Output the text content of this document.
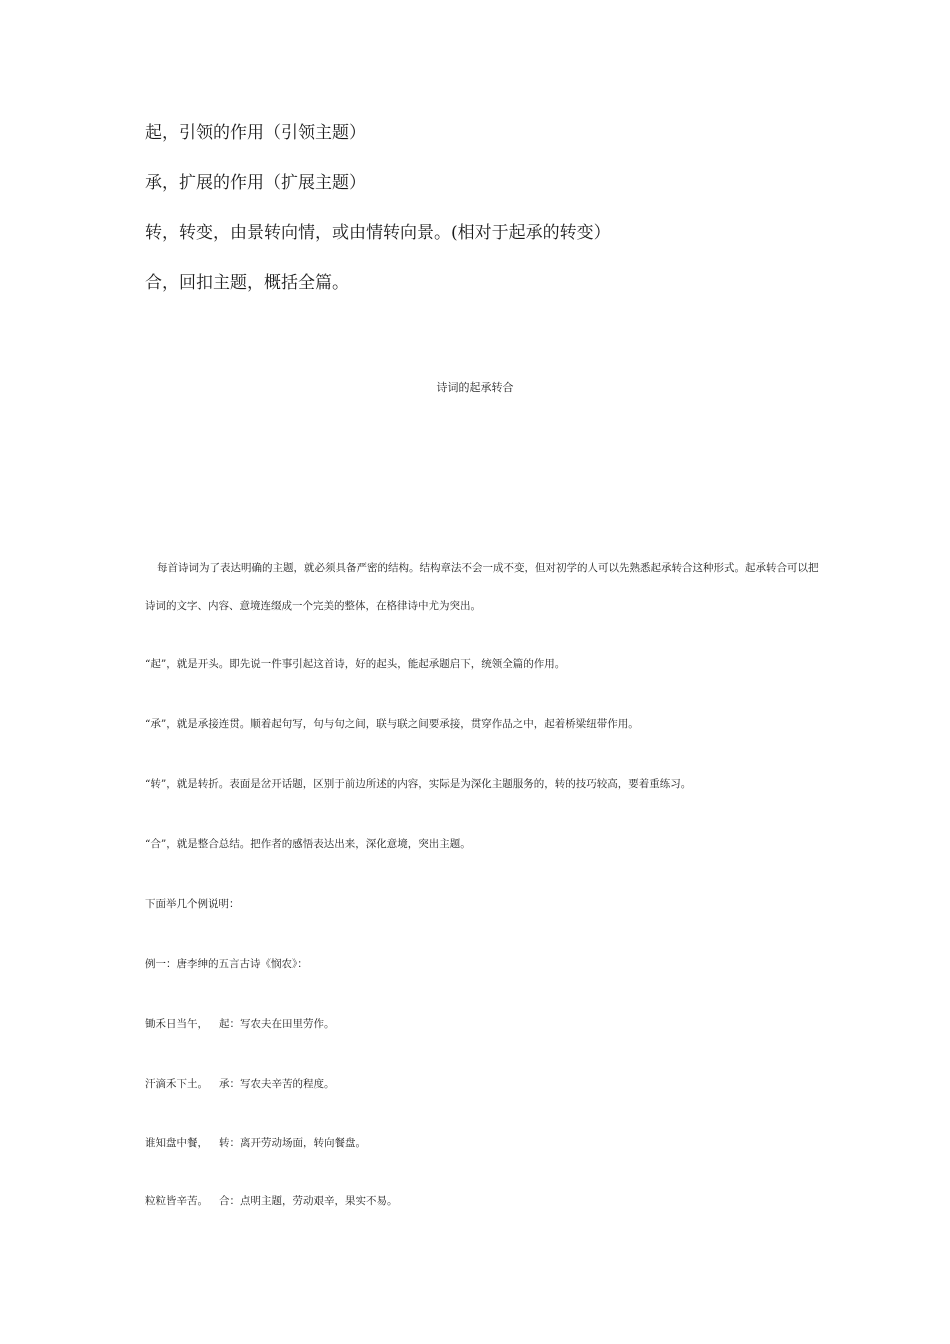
起，引领的作用（引领主题）
承，扩展的作用（扩展主题）
转，转变，由景转向情，或由情转向景。(相对于起承的转变）
合，回扣主题，概括全篇。
诗词的起承转合
每首诗词为了表达明确的主题，就必须具备严密的结构。结构章法不会一成不变，但对初学的人可以先熟悉起承转合这种形式。起承转合可以把
诗词的文字、内容、意境连缀成一个完美的整体，在格律诗中尤为突出。
“起”，就是开头。即先说一件事引起这首诗，好的起头，能起承题启下，统领全篇的作用。
“承”，就是承接连贯。顺着起句写，句与句之间，联与联之间要承接，贯穿作品之中，起着桥梁纽带作用。
“转”，就是转折。表面是岔开话题，区别于前边所述的内容，实际是为深化主题服务的，转的技巧较高，要着重练习。
“合”，就是整合总结。把作者的感悟表达出来，深化意境，突出主题。
下面举几个例说明：
例一：唐李绅的五言古诗《悯农》：
锄禾日当午， 起：写农夫在田里劳作。
汗滴禾下土。 承：写农夫辛苦的程度。
谁知盘中餐， 转：离开劳动场面，转向餐盘。
粒粒皆辛苦。 合：点明主题，劳动艰辛，果实不易。
